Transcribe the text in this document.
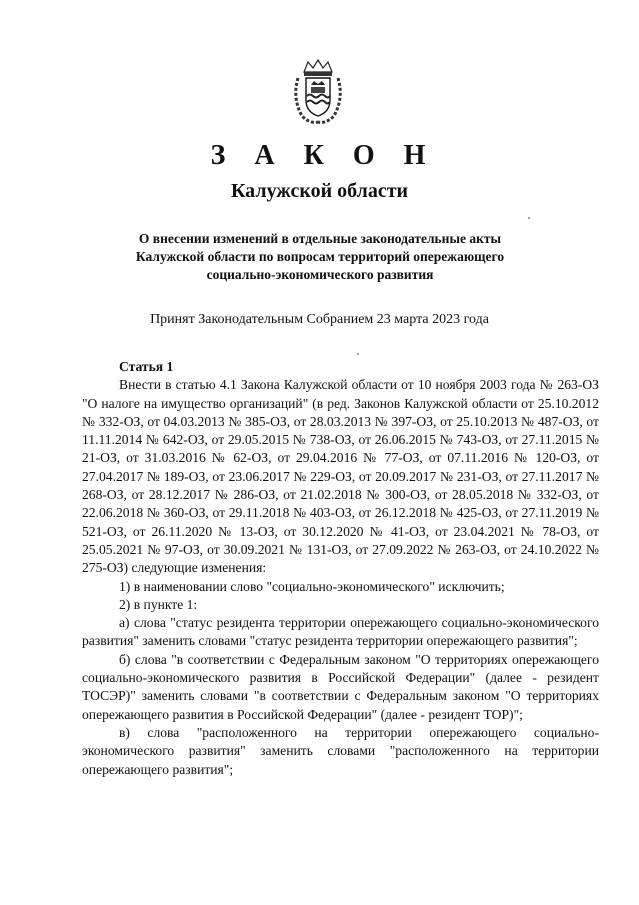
З А К О Н
Калужской области
О внесении изменений в отдельные законодательные акты
Калужской области по вопросам территорий опережающего
социально-экономического развития
Принят Законодательным Собранием 23 марта 2023 года
Статья 1

Внести в статью 4.1 Закона Калужской области от 10 ноября 2003 года № 263-ОЗ "О налоге на имущество организаций" (в ред. Законов Калужской области от 25.10.2012 № 332-ОЗ, от 04.03.2013 № 385-ОЗ, от 28.03.2013 № 397-ОЗ, от 25.10.2013 № 487-ОЗ, от 11.11.2014 № 642-ОЗ, от 29.05.2015 № 738-ОЗ, от 26.06.2015 № 743-ОЗ, от 27.11.2015 № 21-ОЗ, от 31.03.2016 № 62-ОЗ, от 29.04.2016 № 77-ОЗ, от 07.11.2016 № 120-ОЗ, от 27.04.2017 № 189-ОЗ, от 23.06.2017 № 229-ОЗ, от 20.09.2017 № 231-ОЗ, от 27.11.2017 № 268-ОЗ, от 28.12.2017 № 286-ОЗ, от 21.02.2018 № 300-ОЗ, от 28.05.2018 № 332-ОЗ, от 22.06.2018 № 360-ОЗ, от 29.11.2018 № 403-ОЗ, от 26.12.2018 № 425-ОЗ, от 27.11.2019 № 521-ОЗ, от 26.11.2020 № 13-ОЗ, от 30.12.2020 № 41-ОЗ, от 23.04.2021 № 78-ОЗ, от 25.05.2021 № 97-ОЗ, от 30.09.2021 № 131-ОЗ, от 27.09.2022 № 263-ОЗ, от 24.10.2022 № 275-ОЗ) следующие изменения:

1) в наименовании слово "социально-экономического" исключить;

2) в пункте 1:

а) слова "статус резидента территории опережающего социально-экономического развития" заменить словами "статус резидента территории опережающего развития";

б) слова "в соответствии с Федеральным законом "О территориях опережающего социально-экономического развития в Российской Федерации" (далее - резидент ТОСЭР)" заменить словами "в соответствии с Федеральным законом "О территориях опережающего развития в Российской Федерации" (далее - резидент ТОР)";

в) слова "расположенного на территории опережающего социально-экономического развития" заменить словами "расположенного на территории опережающего развития";
